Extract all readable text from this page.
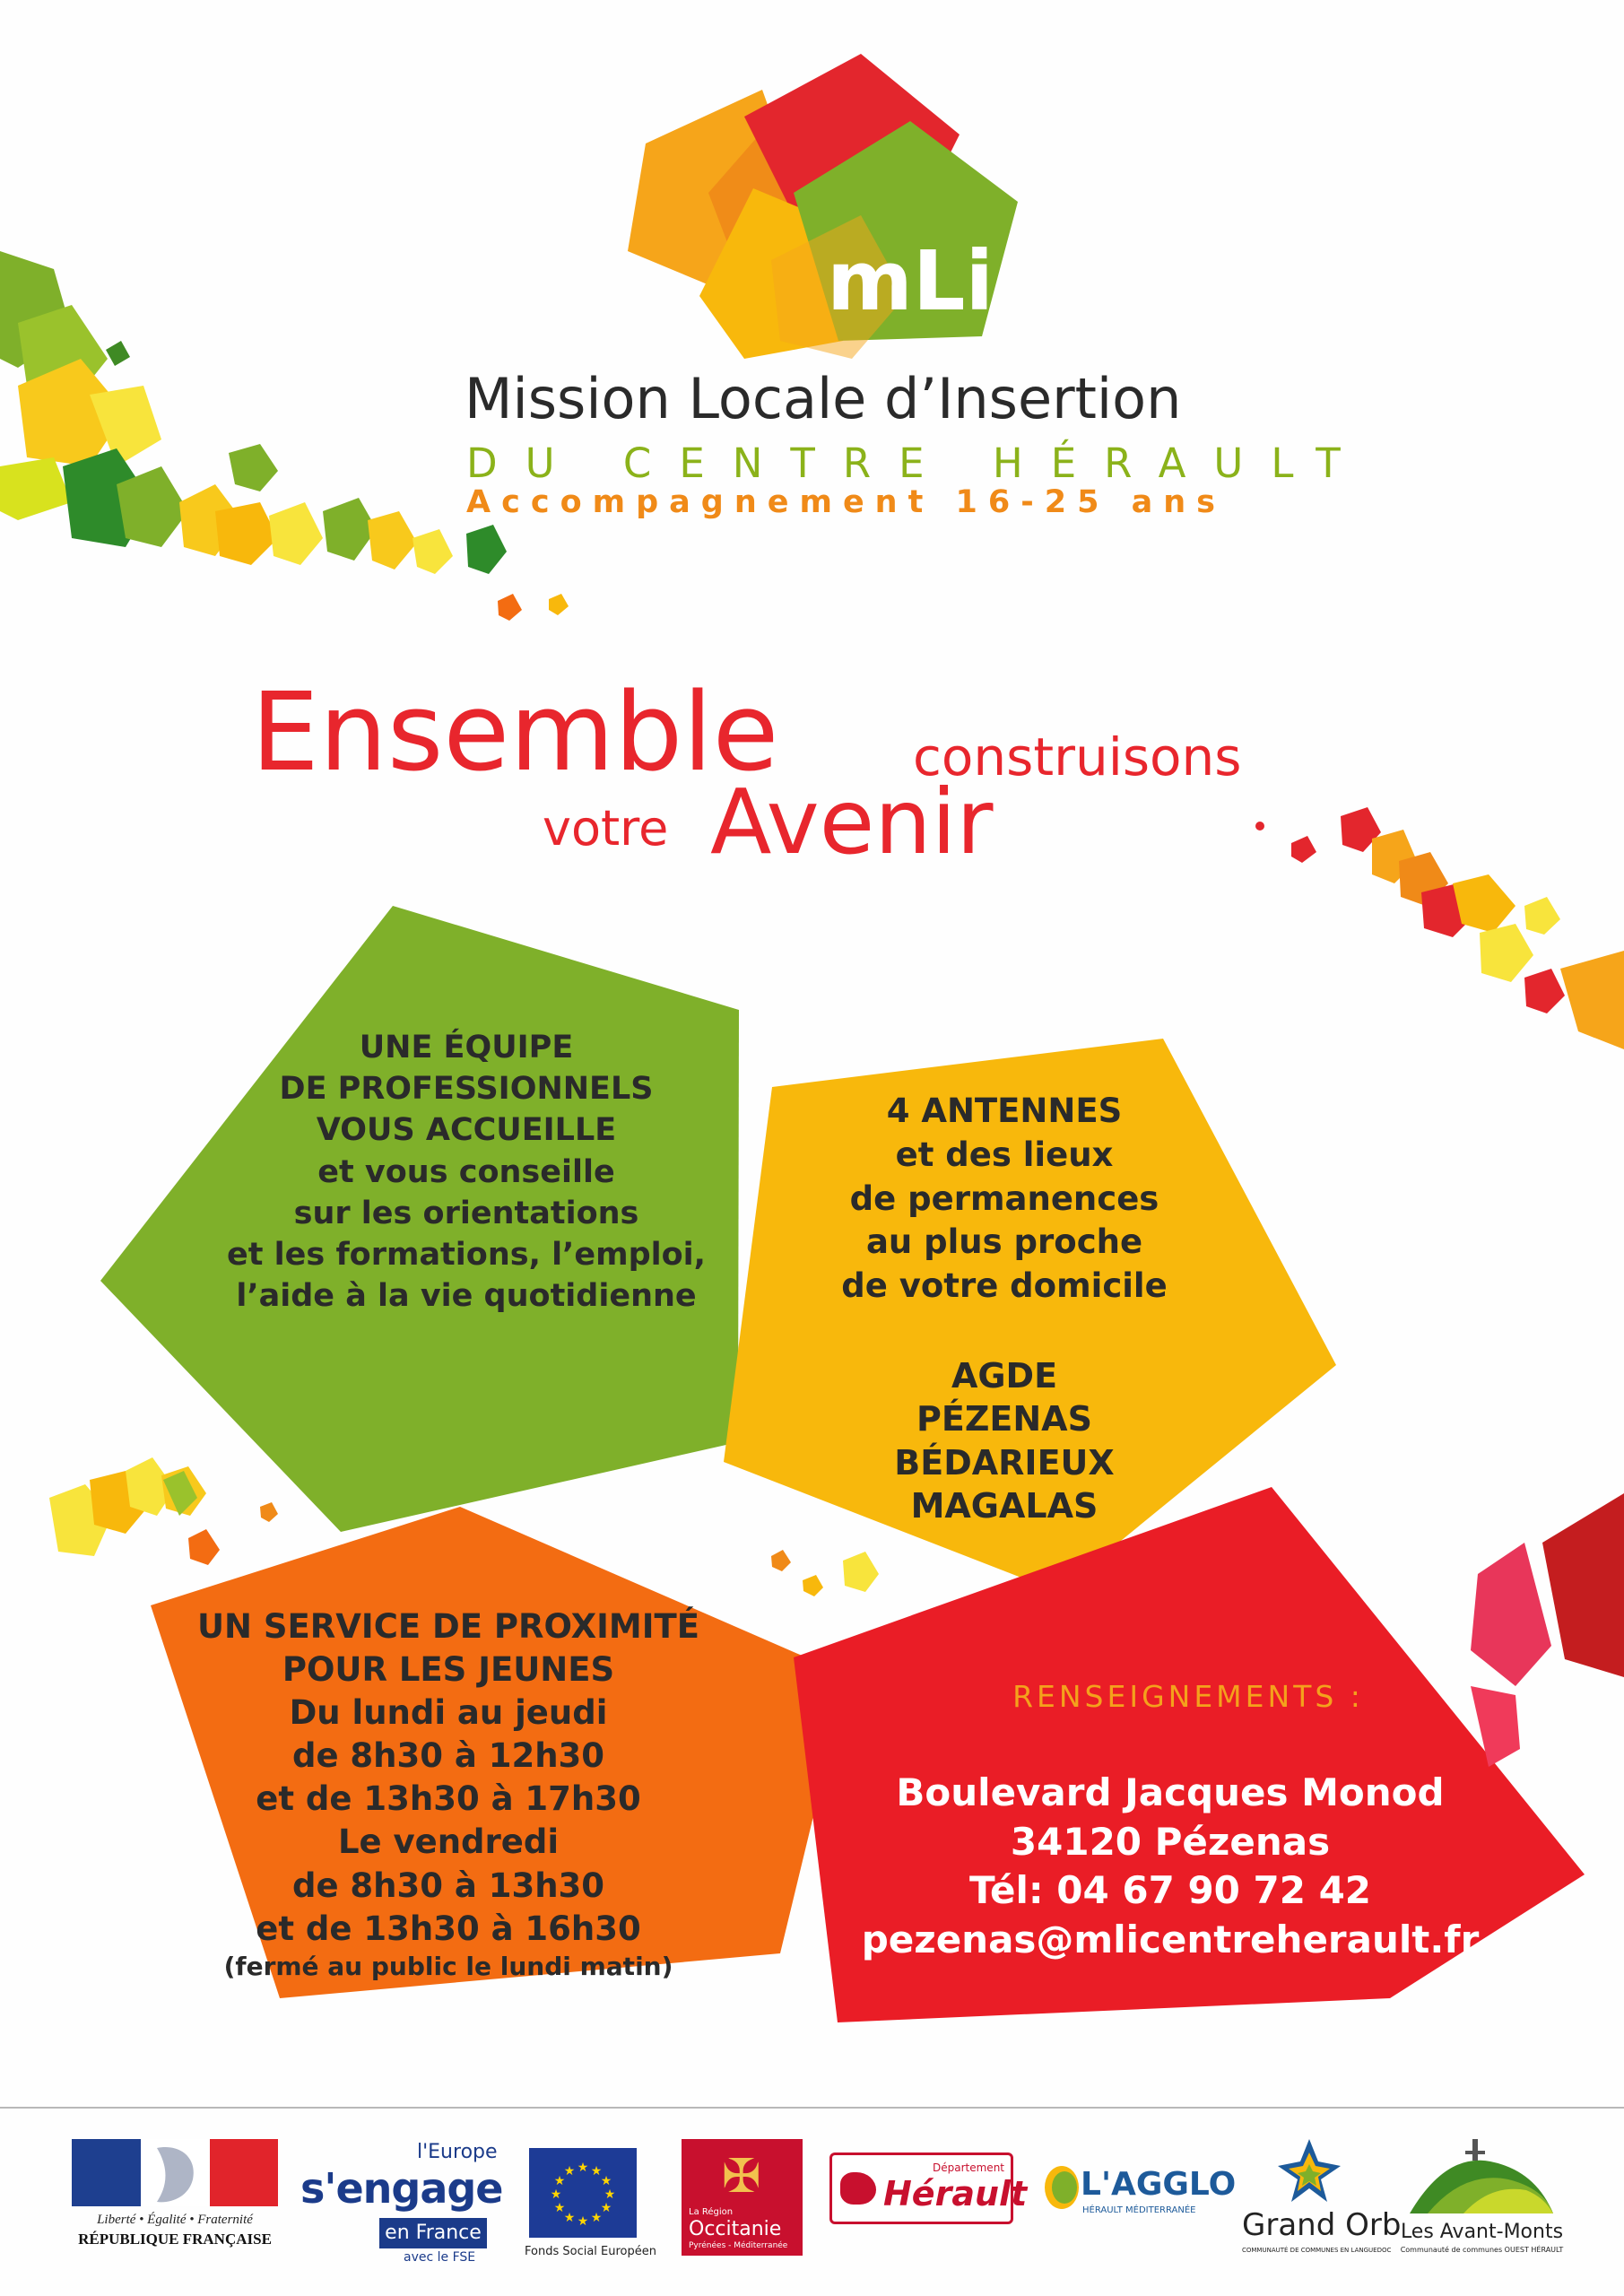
mLi
Mission Locale d’Insertion
DU CENTRE HÉRAULT
Accompagnement 16-25 ans
Ensemble	construisons
votre Avenir
UNE ÉQUIPE
DE PROFESSIONNELS
VOUS ACCUEILLE
et vous conseille
sur les orientations
et les formations, l’emploi,
l’aide à la vie quotidienne
4 ANTENNES
et des lieux
de permanences
au plus proche
de votre domicile
AGDE
PÉZENAS
BÉDARIEUX
MAGALAS
UN SERVICE DE PROXIMITÉ
POUR LES JEUNES
Du lundi au jeudi
de 8h30 à 12h30
et de 13h30 à 17h30
Le vendredi
de 8h30 à 13h30
et de 13h30 à 16h30
(fermé au public le lundi matin)
RENSEIGNEMENTS :
Boulevard Jacques Monod
34120 Pézenas
Tél: 04 67 90 72 42
pezenas@mlicentreherault.fr
Liberté • Égalité • Fraternité
RÉPUBLIQUE FRANÇAISE
l'Europe
s'engage
en France
avec le FSE
★ ★
★
★
★
★
★
★
★
★
★
★
Fonds Social Européen
✠
La Région
Occitanie
Pyrénées - Méditerranée
Département
Hérault L'AGGLO
HÉRAULT MÉDITERRANÉE Grand Orb
COMMUNAUTÉ DE COMMUNES EN LANGUEDOC
Les Avant-Monts
Communauté de communes OUEST HÉRAULT
